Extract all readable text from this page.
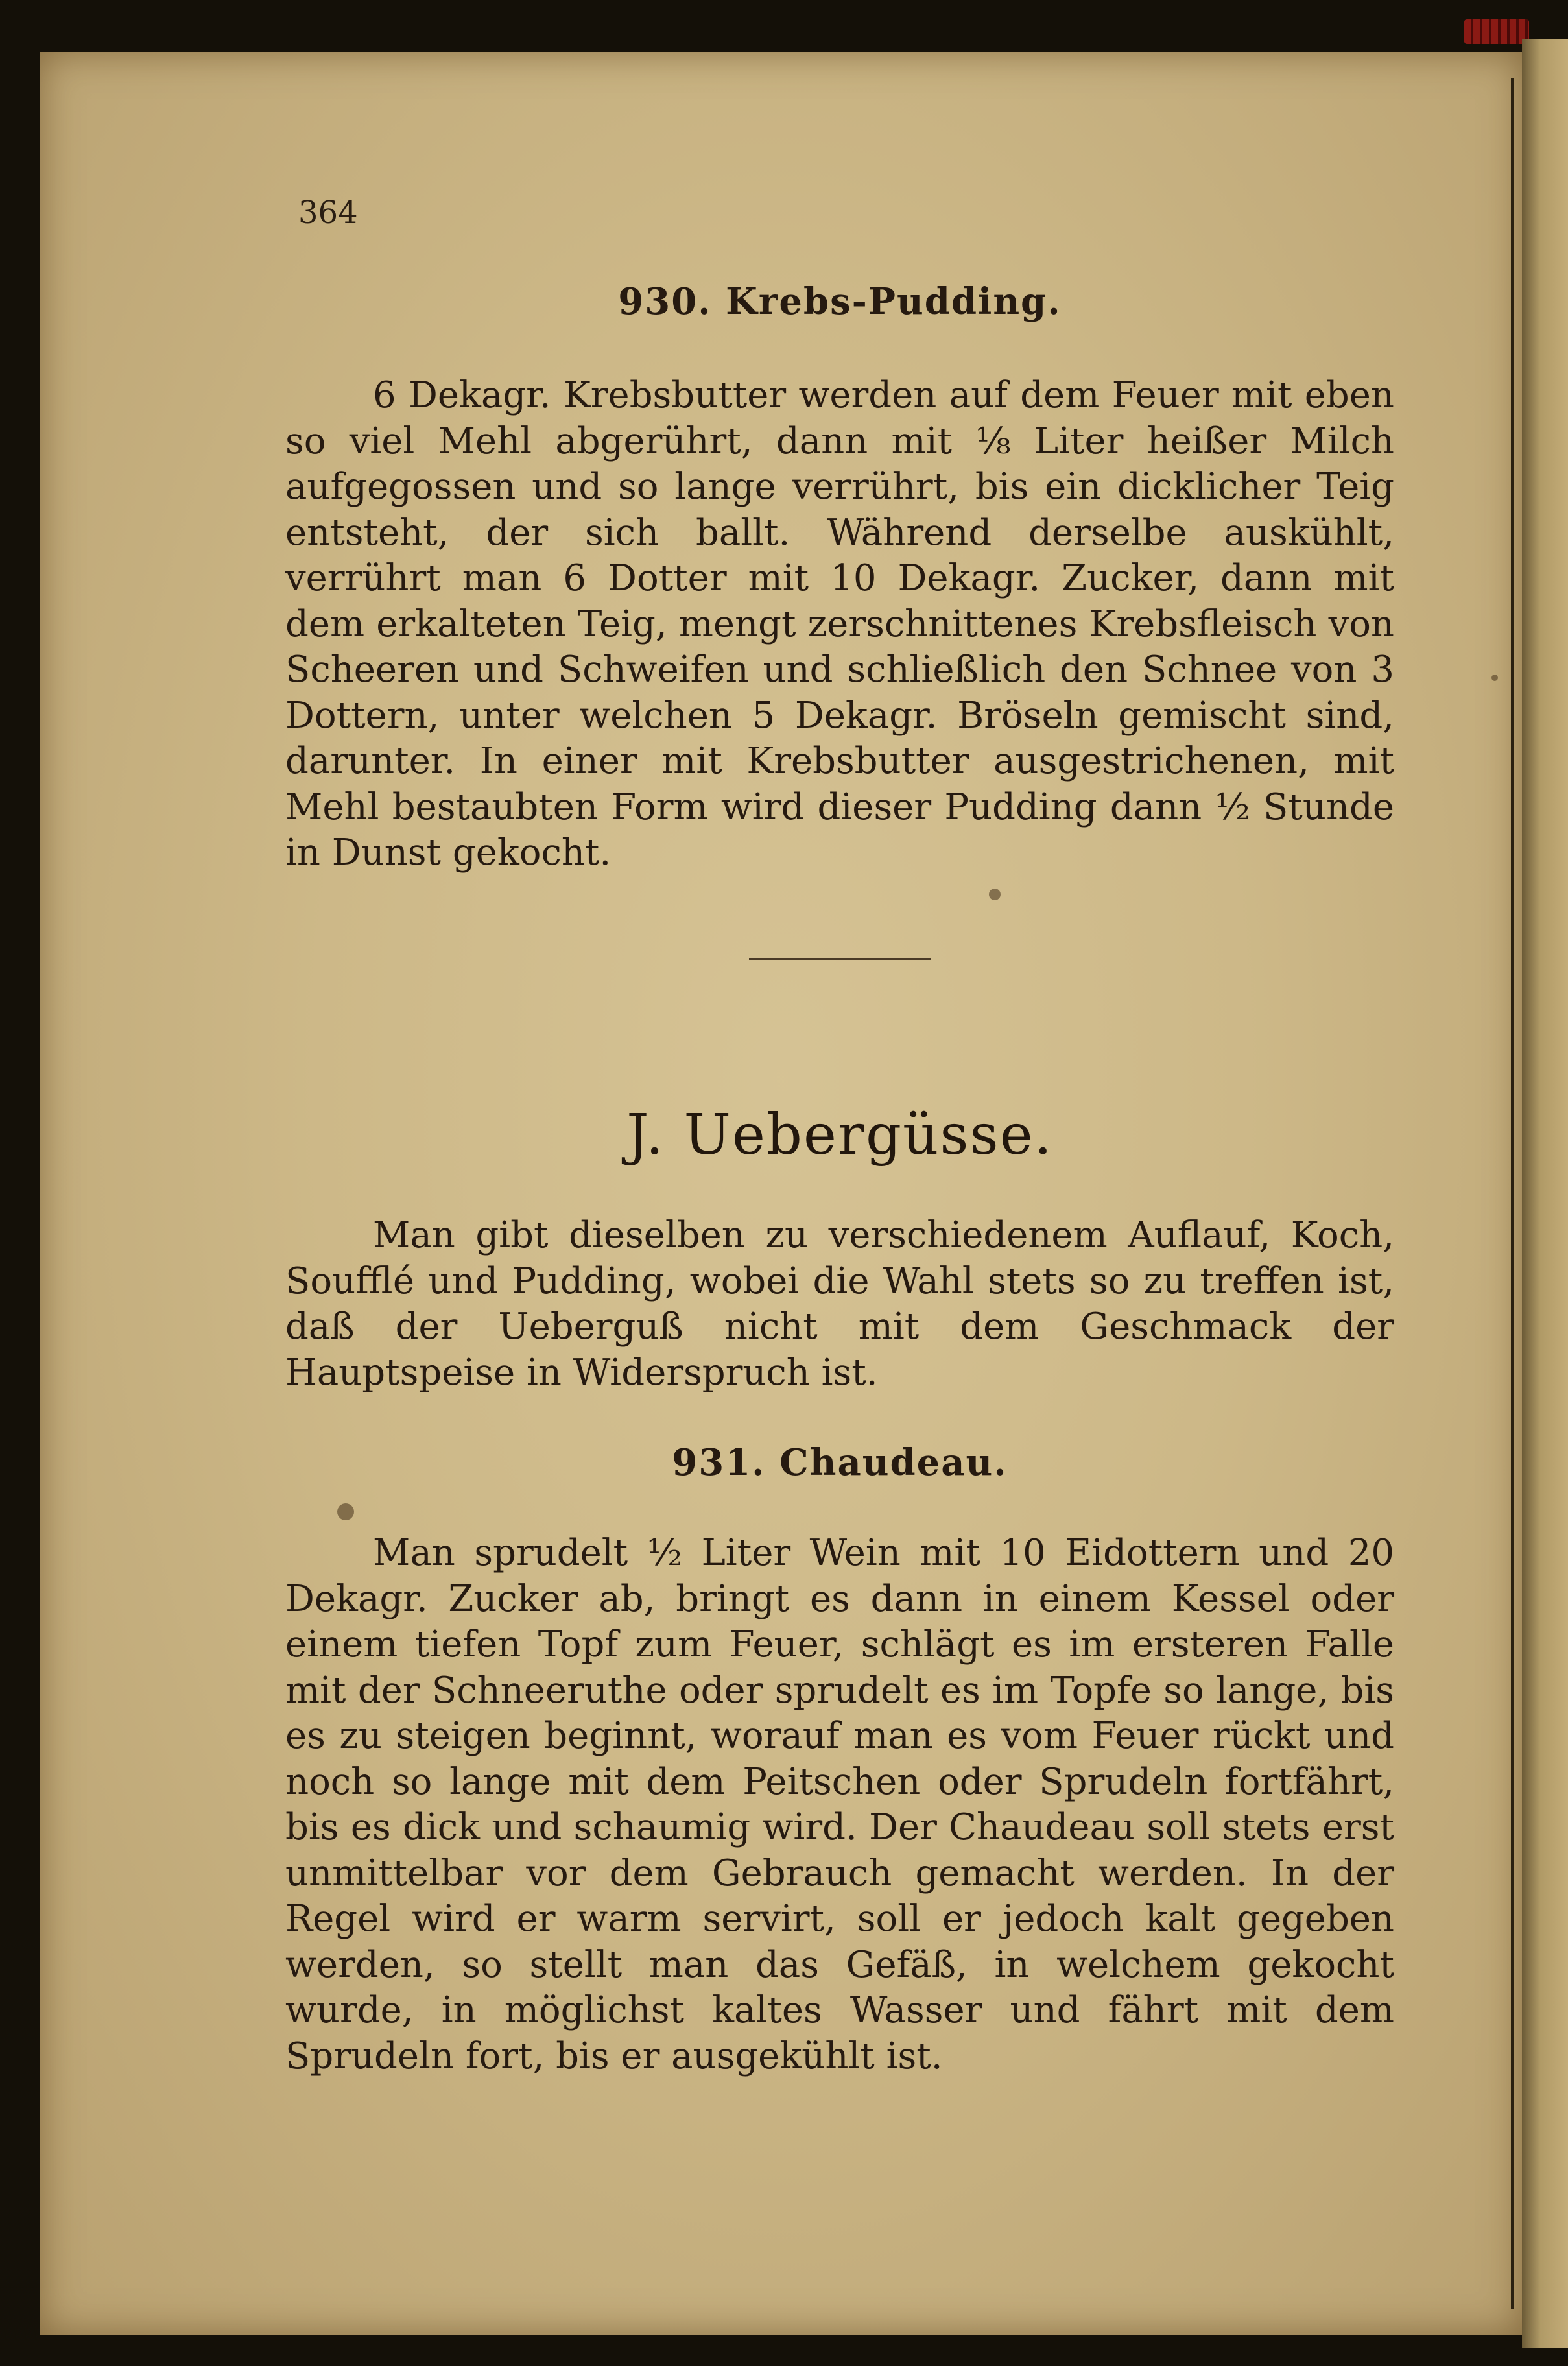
364
930. Krebs-Pudding.

6 Dekagr. Krebsbutter werden auf dem Feuer mit eben so viel Mehl abgerührt, dann mit ⅛ Liter heißer Milch aufgegossen und so lange verrührt, bis ein dicklicher Teig entsteht, der sich ballt. Während derselbe auskühlt, verrührt man 6 Dotter mit 10 Dekagr. Zucker, dann mit dem erkalteten Teig, mengt zerschnittenes Krebsfleisch von Scheeren und Schweifen und schließlich den Schnee von 3 Dottern, unter welchen 5 Dekagr. Bröseln gemischt sind, darunter. In einer mit Krebsbutter ausgestrichenen, mit Mehl bestaubten Form wird dieser Pudding dann ½ Stunde in Dunst gekocht.

J. Uebergüsse.

Man gibt dieselben zu verschiedenem Auflauf, Koch, Soufflé und Pudding, wobei die Wahl stets so zu treffen ist, daß der Ueberguß nicht mit dem Geschmack der Hauptspeise in Widerspruch ist.

931. Chaudeau.

Man sprudelt ½ Liter Wein mit 10 Eidottern und 20 Dekagr. Zucker ab, bringt es dann in einem Kessel oder einem tiefen Topf zum Feuer, schlägt es im ersteren Falle mit der Schneeruthe oder sprudelt es im Topfe so lange, bis es zu steigen beginnt, worauf man es vom Feuer rückt und noch so lange mit dem Peitschen oder Sprudeln fortfährt, bis es dick und schaumig wird. Der Chaudeau soll stets erst unmittelbar vor dem Gebrauch gemacht werden. In der Regel wird er warm servirt, soll er jedoch kalt gegeben werden, so stellt man das Gefäß, in welchem gekocht wurde, in möglichst kaltes Wasser und fährt mit dem Sprudeln fort, bis er ausgekühlt ist.
